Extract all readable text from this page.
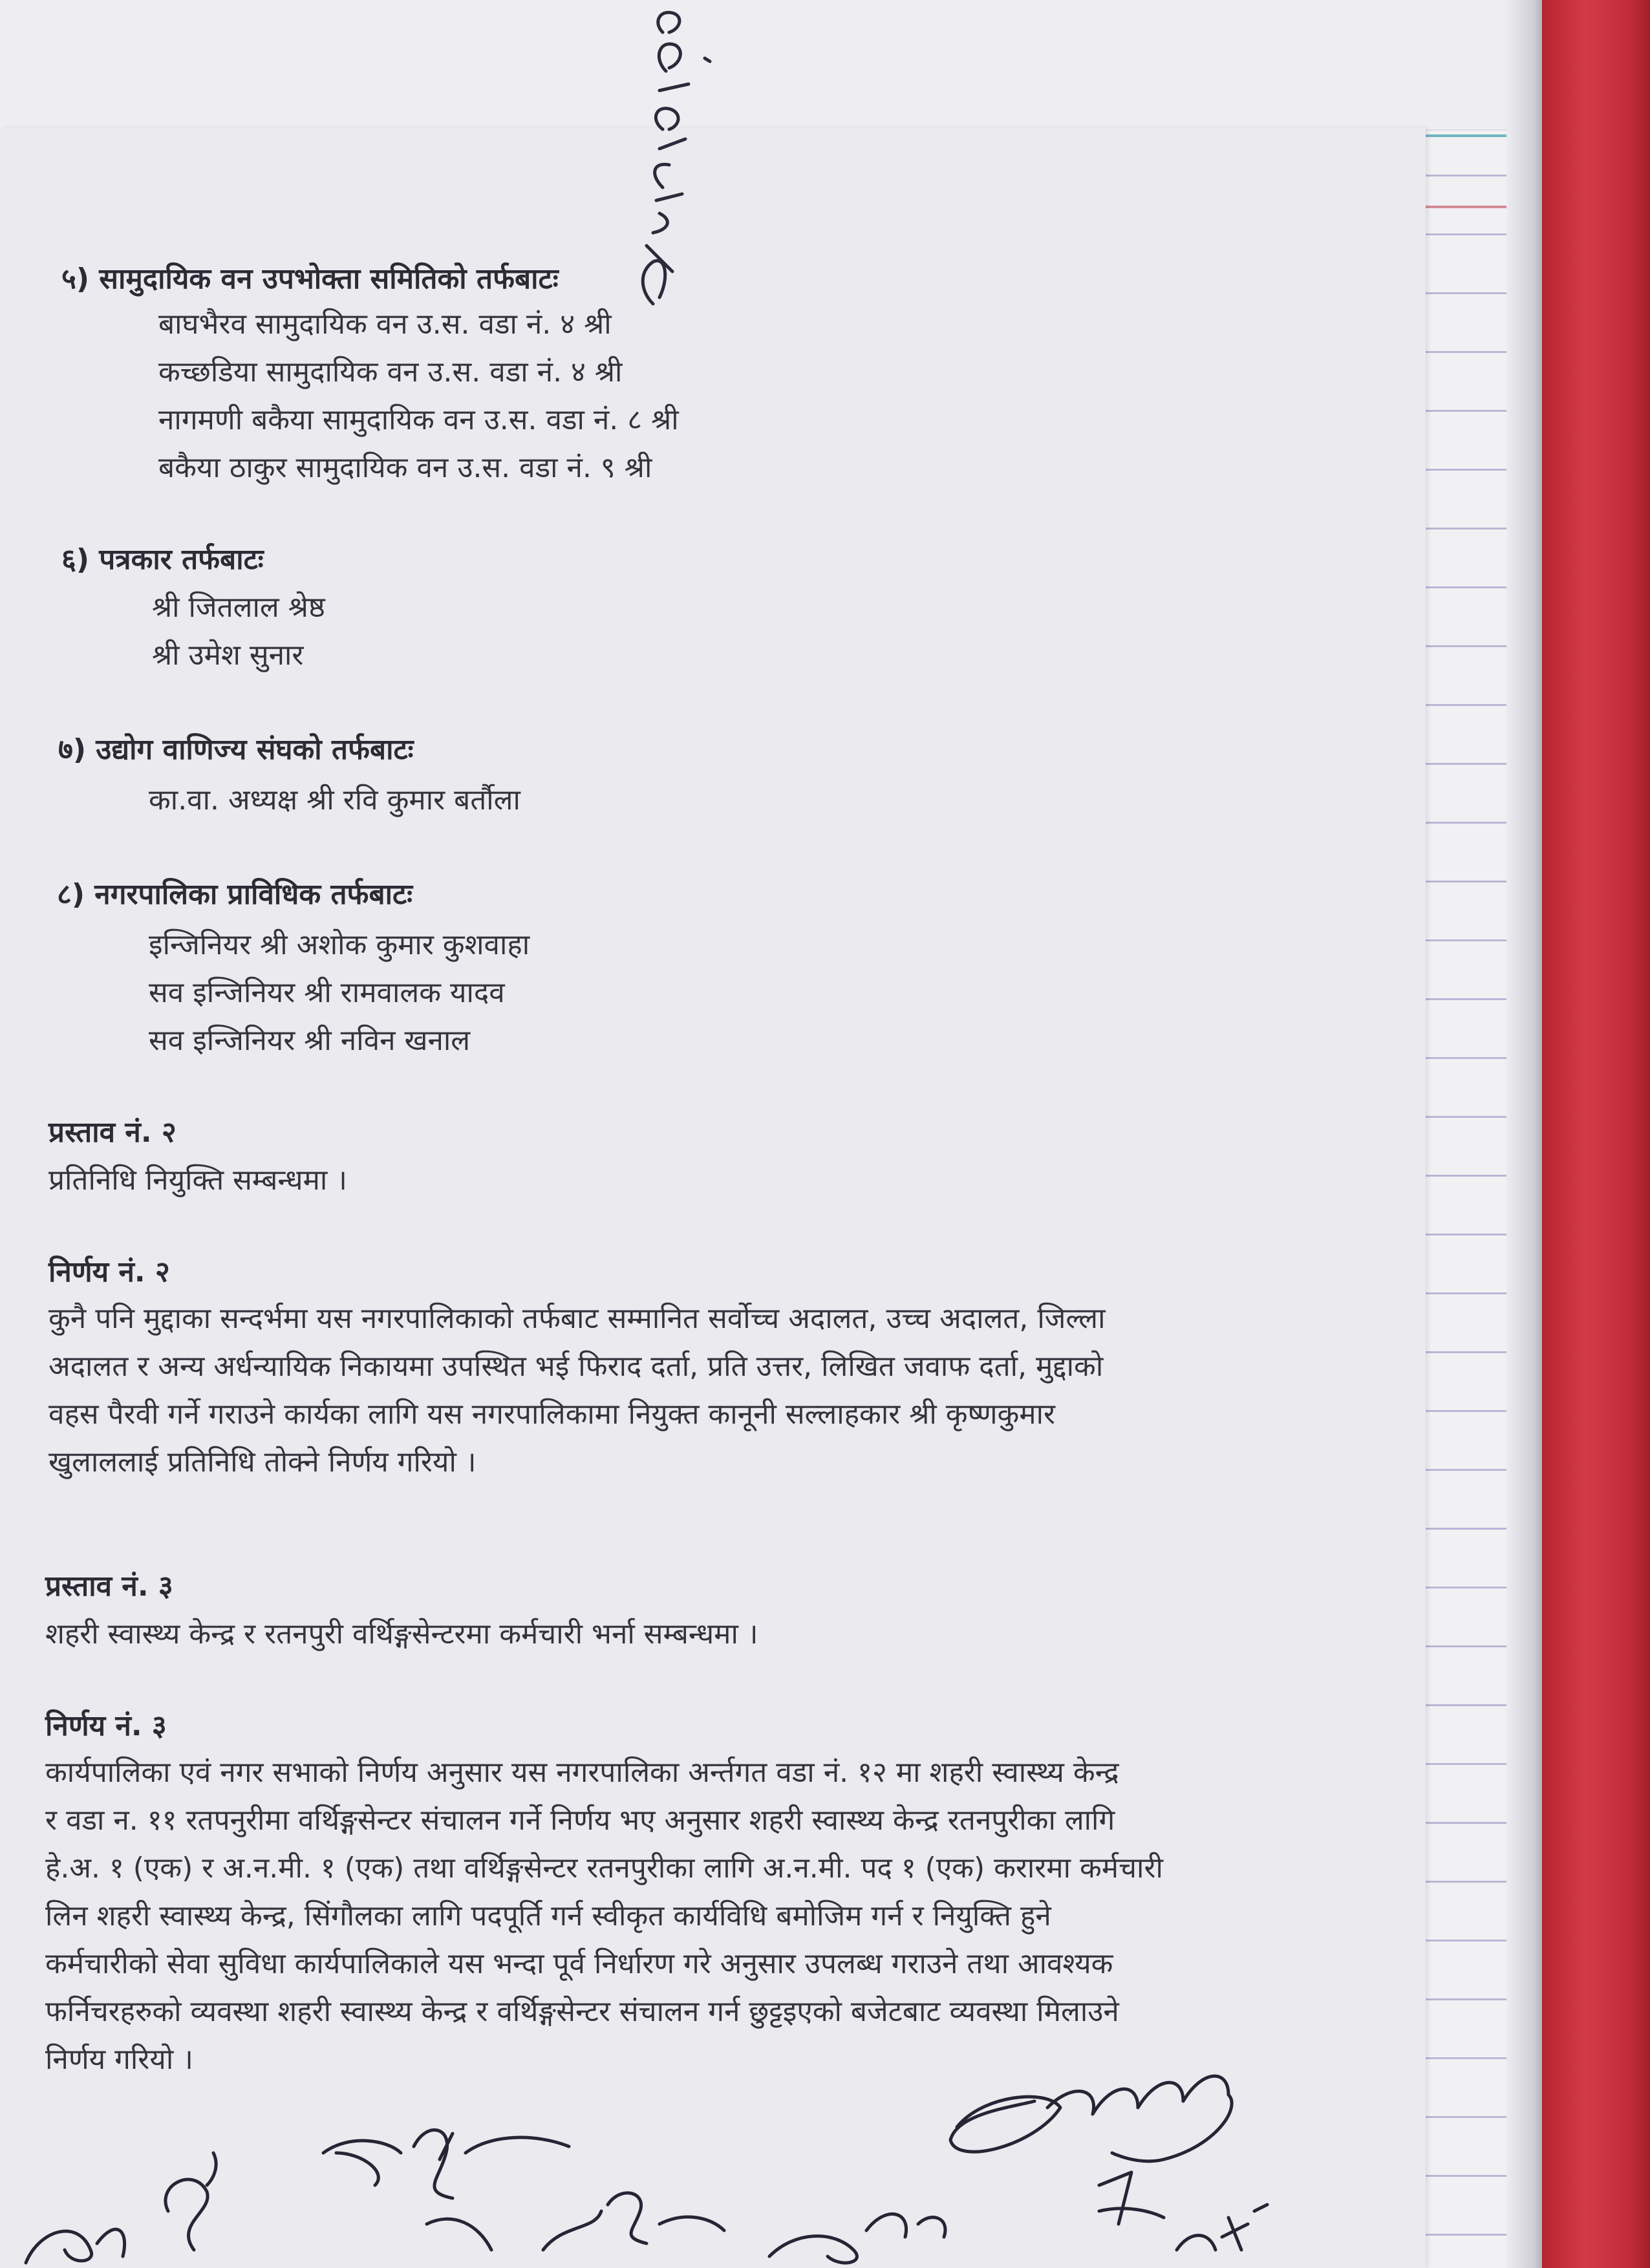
५) सामुदायिक वन उपभोक्ता समितिको तर्फबाटः
बाघभैरव सामुदायिक वन उ.स. वडा नं. ४ श्री
कच्छडिया सामुदायिक वन उ.स. वडा नं. ४ श्री
नागमणी बकैया सामुदायिक वन उ.स. वडा नं. ८ श्री
बकैया ठाकुर सामुदायिक वन उ.स. वडा नं. ९ श्री
६) पत्रकार तर्फबाटः
श्री जितलाल श्रेष्ठ
श्री उमेश सुनार
७) उद्योग वाणिज्य संघको तर्फबाटः
का.वा. अध्यक्ष श्री रवि कुमार बर्तौला
८) नगरपालिका प्राविधिक तर्फबाटः
इन्जिनियर श्री अशोक कुमार कुशवाहा
सव इन्जिनियर श्री रामवालक यादव
सव इन्जिनियर श्री नविन खनाल
प्रस्ताव नं. २
प्रतिनिधि नियुक्ति सम्बन्धमा ।
निर्णय नं. २
कुनै पनि मुद्दाका सन्दर्भमा यस नगरपालिकाको तर्फबाट सम्मानित सर्वोच्च अदालत, उच्च अदालत, जिल्ला
अदालत र अन्य अर्धन्यायिक निकायमा उपस्थित भई फिराद दर्ता, प्रति उत्तर, लिखित जवाफ दर्ता, मुद्दाको
वहस पैरवी गर्ने गराउने कार्यका लागि यस नगरपालिकामा नियुक्त कानूनी सल्लाहकार श्री कृष्णकुमार
खुलाललाई प्रतिनिधि तोक्ने निर्णय गरियो ।
प्रस्ताव नं. ३
शहरी स्वास्थ्य केन्द्र र रतनपुरी वर्थिङ्गसेन्टरमा कर्मचारी भर्ना सम्बन्धमा ।
निर्णय नं. ३
कार्यपालिका एवं नगर सभाको निर्णय अनुसार यस नगरपालिका अर्न्तगत वडा नं. १२ मा शहरी स्वास्थ्य केन्द्र
र वडा न. ११ रतपनुरीमा वर्थिङ्गसेन्टर संचालन गर्ने निर्णय भए अनुसार शहरी स्वास्थ्य केन्द्र रतनपुरीका लागि
हे.अ. १ (एक) र अ.न.मी. १ (एक) तथा वर्थिङ्गसेन्टर रतनपुरीका लागि अ.न.मी. पद १ (एक) करारमा कर्मचारी
लिन शहरी स्वास्थ्य केन्द्र, सिंगौलका लागि पदपूर्ति गर्न स्वीकृत कार्यविधि बमोजिम गर्न र नियुक्ति हुने
कर्मचारीको सेवा सुविधा कार्यपालिकाले यस भन्दा पूर्व निर्धारण गरे अनुसार उपलब्ध गराउने तथा आवश्यक
फर्निचरहरुको व्यवस्था शहरी स्वास्थ्य केन्द्र र वर्थिङ्गसेन्टर संचालन गर्न छुट्टइएको बजेटबाट व्यवस्था मिलाउने
निर्णय गरियो ।
